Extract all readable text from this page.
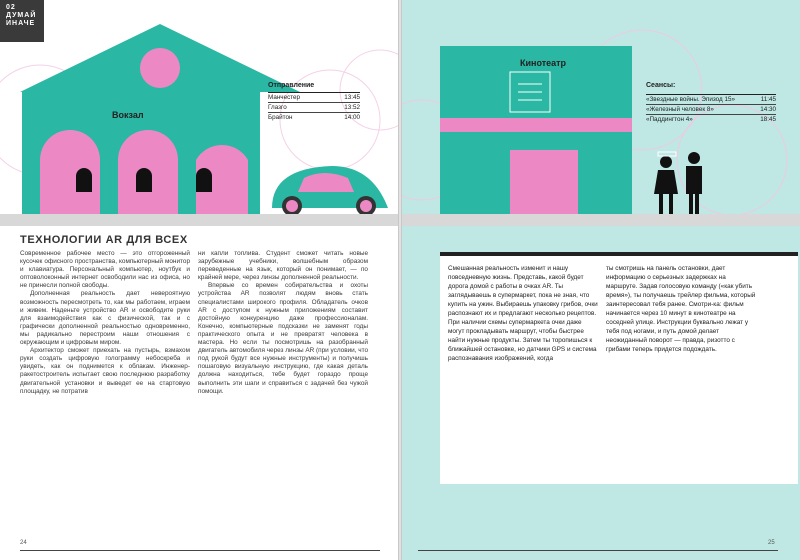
02
ДУМАЙ
ИНАЧЕ
Вокзал
Отправление
Манчестер	13:45
Глазго	13:52
Брайтон	14:00
ТЕХНОЛОГИИ AR ДЛЯ ВСЕХ

Современное рабочее место — это отгороженный кусочек офисного пространства, компьютерный монитор и клавиатура. Персональный компьютер, ноутбук и оптоволоконный интернет освободили нас из офиса, но не принесли полной свободы.

Дополненная реальность дает невероятную возможность пересмотреть то, как мы работаем, играем и живем. Наденьте устройство AR и освободите руки для взаимодействия как с физической, так и с графически дополненной реальностью одновременно, мы радикально перестроим наши отношения с окружающим и цифровым миром.

Архитектор сможет приехать на пустырь, взмахом руки создать цифровую голограмму небоскреба и увидеть, как он поднимется к облакам. Инженер-ракетостроитель испытает свою последнюю разработку двигательной установки и выведет ее на стартовую площадку, не потратив

ни капли топлива. Студент сможет читать новые зарубежные учебники, волшебным образом переведенные на язык, который он понимает, — по крайней мере, через линзы дополненной реальности.

Впервые со времен собирательства и охоты устройства AR позволят людям вновь стать специалистами широкого профиля. Обладатель очков AR с доступом к нужным приложениям составит достойную конкуренцию даже профессионалам. Конечно, компьютерные подсказки не заменят годы практического опыта и не превратят человека в мастера. Но если ты посмотришь на разобранный двигатель автомобиля через линзы AR (при условии, что под рукой будут все нужные инструменты) и получишь пошаговую визуальную инструкцию, где какая деталь должна находиться, тебе будет гораздо проще выполнить эти шаги и справиться с задачей без чужой помощи.

24
Кинотеатр
Сеансы:
«Звездные войны. Эпизод 15»	11:45
«Железный человек 8»	14:30
«Паддингтон 4»	18:45
25
Смешанная реальность изменит и нашу повседневную жизнь. Представь, какой будет дорога домой с работы в очках AR. Ты заглядываешь в супермаркет, пока не зная, что купить на ужин. Выбираешь упаковку грибов, очки распознают их и предлагают несколько рецептов. При наличии схемы супермаркета очки даже могут прокладывать маршрут, чтобы быстрее найти нужные продукты. Затем ты торопишься к ближайшей остановке, но датчики GPS и система распознавания изображений, когда
ты смотришь на панель остановки, дает информацию о серьезных задержках на маршруте. Задав голосовую команду («как убить время»), ты получаешь трейлер фильма, который заинтересовал тебя ранее. Смотри-ка: фильм начинается через 10 минут в кинотеатре на соседней улице. Инструкции буквально лежат у тебя под ногами, и путь домой делает неожиданный поворот — правда, ризотто с грибами теперь придется подождать.
